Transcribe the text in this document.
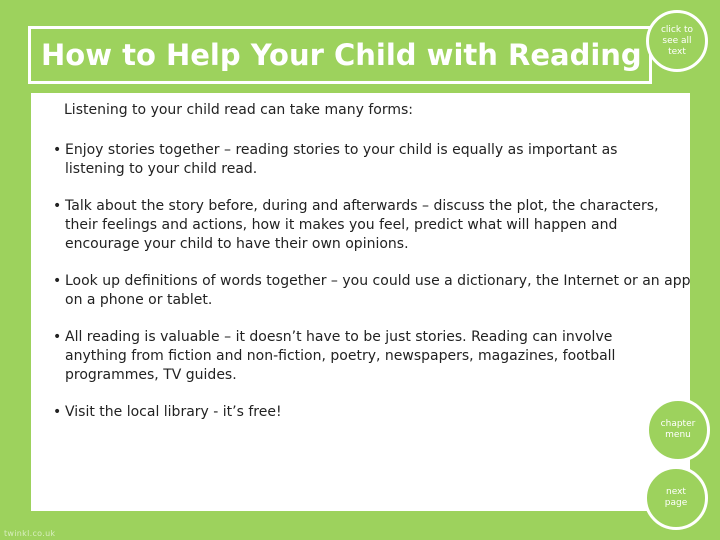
How to Help Your Child with Reading
click to see all text

Listening to your child read can take many forms:

• Enjoy stories together – reading stories to your child is equally as important as listening to your child read.
• Talk about the story before, during and afterwards – discuss the plot, the characters, their feelings and actions, how it makes you feel, predict what will happen and encourage your child to have their own opinions.
• Look up definitions of words together – you could use a dictionary, the Internet or an app on a phone or tablet.
• All reading is valuable – it doesn’t have to be just stories. Reading can involve anything from fiction and non-fiction, poetry, newspapers, magazines, football programmes, TV guides.
• Visit the local library - it’s free!
chapter menu
next page
twinkl.co.uk
